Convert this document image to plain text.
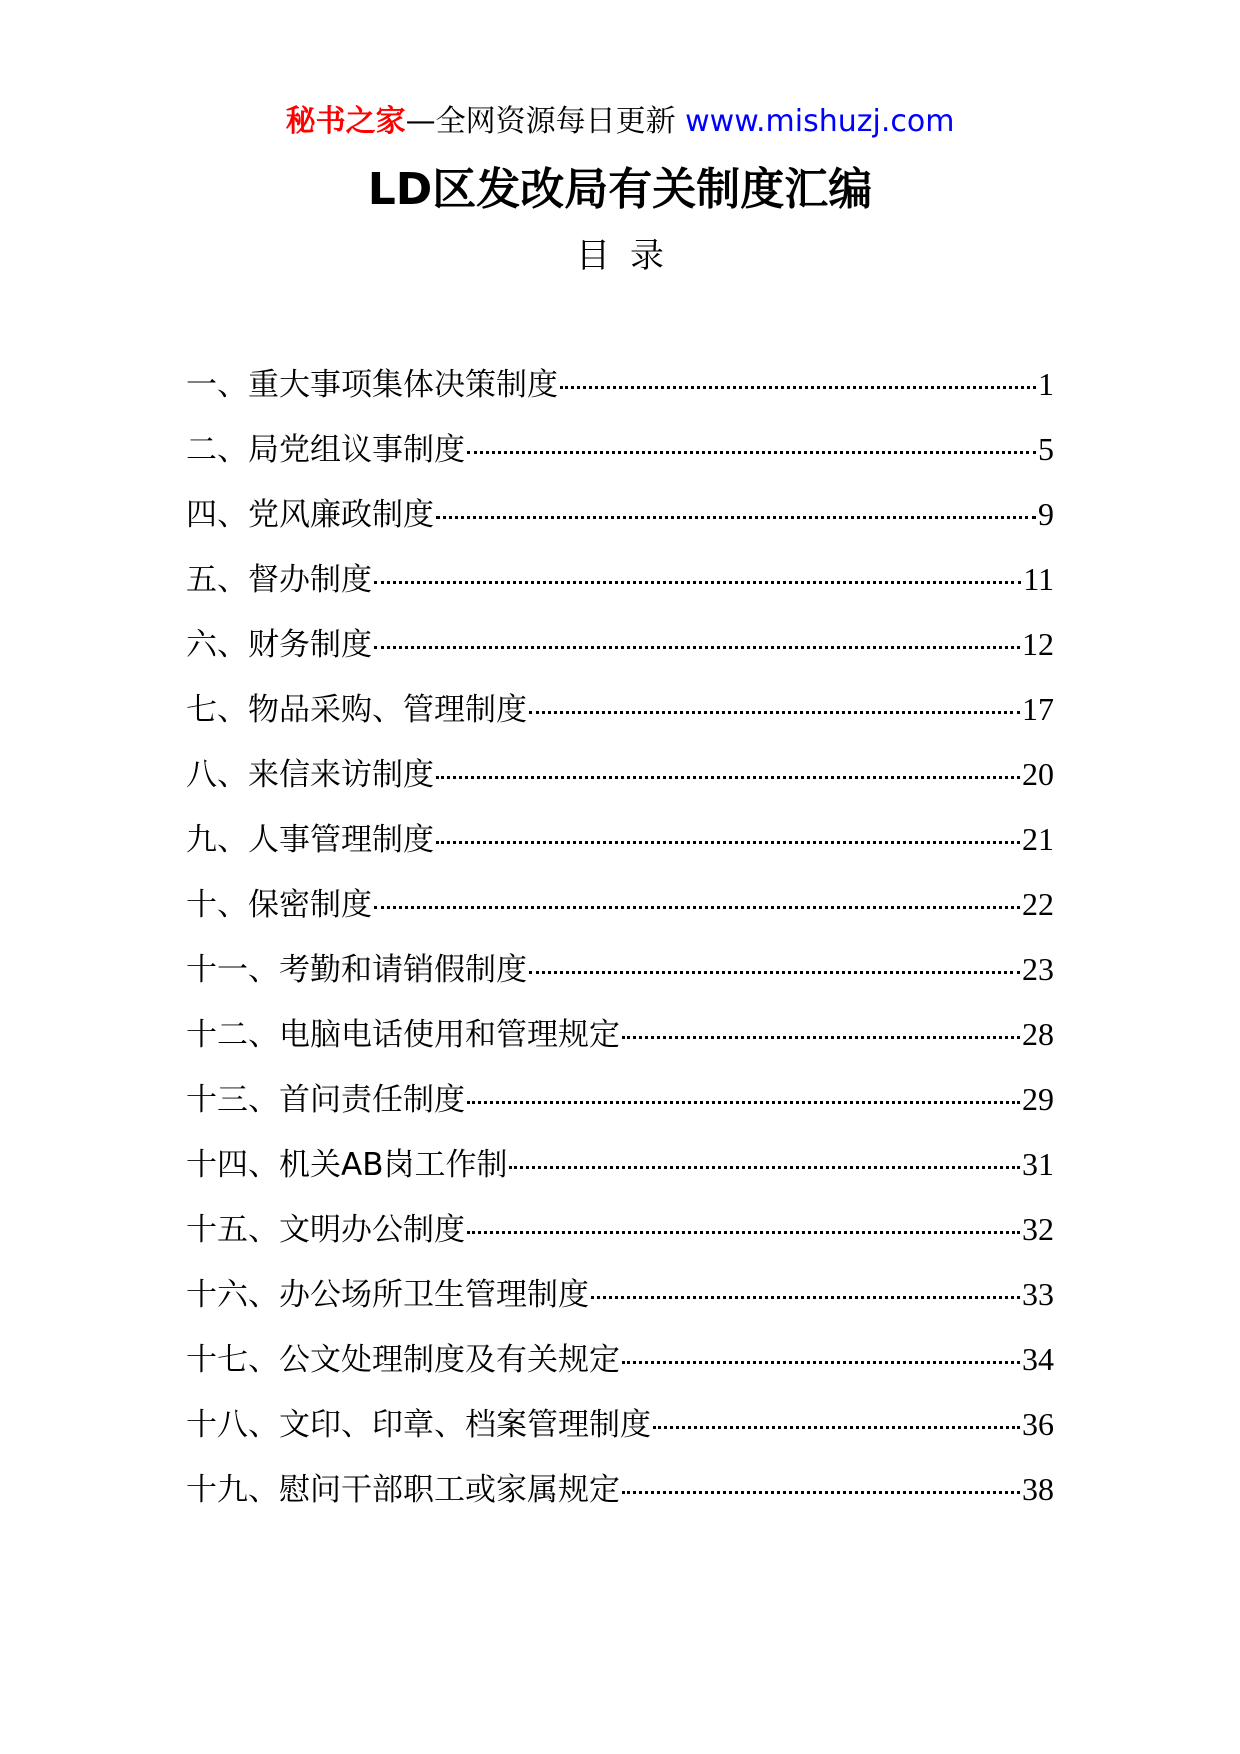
秘书之家—全网资源每日更新 www.mishuzj.com
LD区发改局有关制度汇编
目录
一、重大事项集体决策制度	1
二、局党组议事制度	5
四、党风廉政制度	9
五、督办制度	11
六、财务制度	12
七、物品采购、管理制度	17
八、来信来访制度	20
九、人事管理制度	21
十、保密制度	22
十一、考勤和请销假制度	23
十二、电脑电话使用和管理规定	28
十三、首问责任制度	29
十四、机关AB岗工作制	31
十五、文明办公制度	32
十六、办公场所卫生管理制度	33
十七、公文处理制度及有关规定	34
十八、文印、印章、档案管理制度	36
十九、慰问干部职工或家属规定	38
